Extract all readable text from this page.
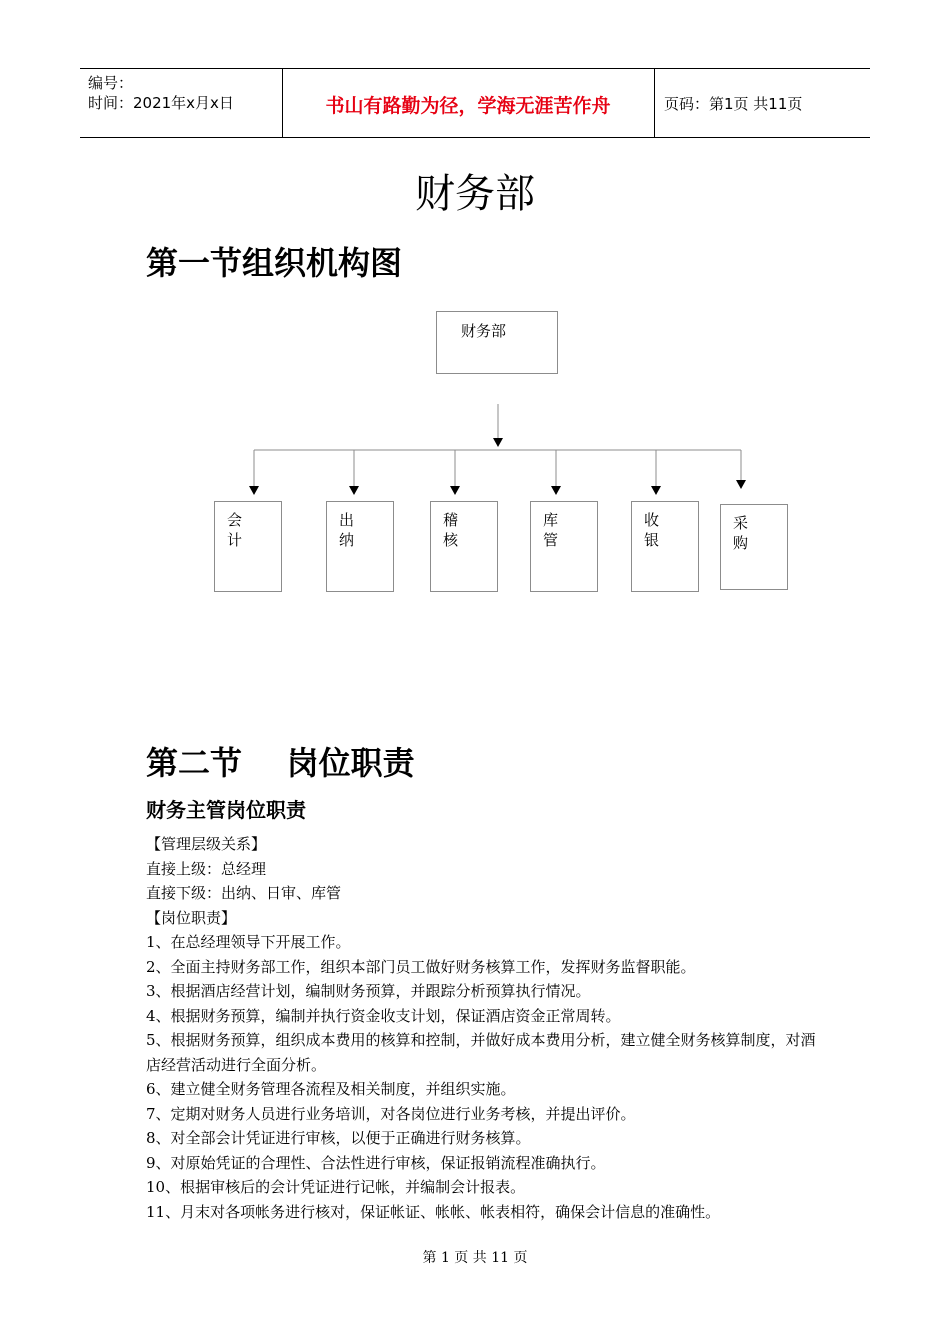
编号：
时间：2021年x月x日	书山有路勤为径，学海无涯苦作舟	页码：第1页 共11页
财务部
第一节组织机构图
财务部
会计
出纳
稽核
库管
收银
采购
第二节    岗位职责
财务主管岗位职责
【管理层级关系】
直接上级：总经理
直接下级：出纳、日审、库管
【岗位职责】
1、在总经理领导下开展工作。
2、全面主持财务部工作，组织本部门员工做好财务核算工作，发挥财务监督职能。
3、根据酒店经营计划，编制财务预算，并跟踪分析预算执行情况。
4、根据财务预算，编制并执行资金收支计划，保证酒店资金正常周转。
5、根据财务预算，组织成本费用的核算和控制，并做好成本费用分析，建立健全财务核算制度，对酒店经营活动进行全面分析。
6、建立健全财务管理各流程及相关制度，并组织实施。
7、定期对财务人员进行业务培训，对各岗位进行业务考核，并提出评价。
8、对全部会计凭证进行审核，以便于正确进行财务核算。
9、对原始凭证的合理性、合法性进行审核，保证报销流程准确执行。
10、根据审核后的会计凭证进行记帐，并编制会计报表。
11、月末对各项帐务进行核对，保证帐证、帐帐、帐表相符，确保会计信息的准确性。
第 1 页 共 11 页
